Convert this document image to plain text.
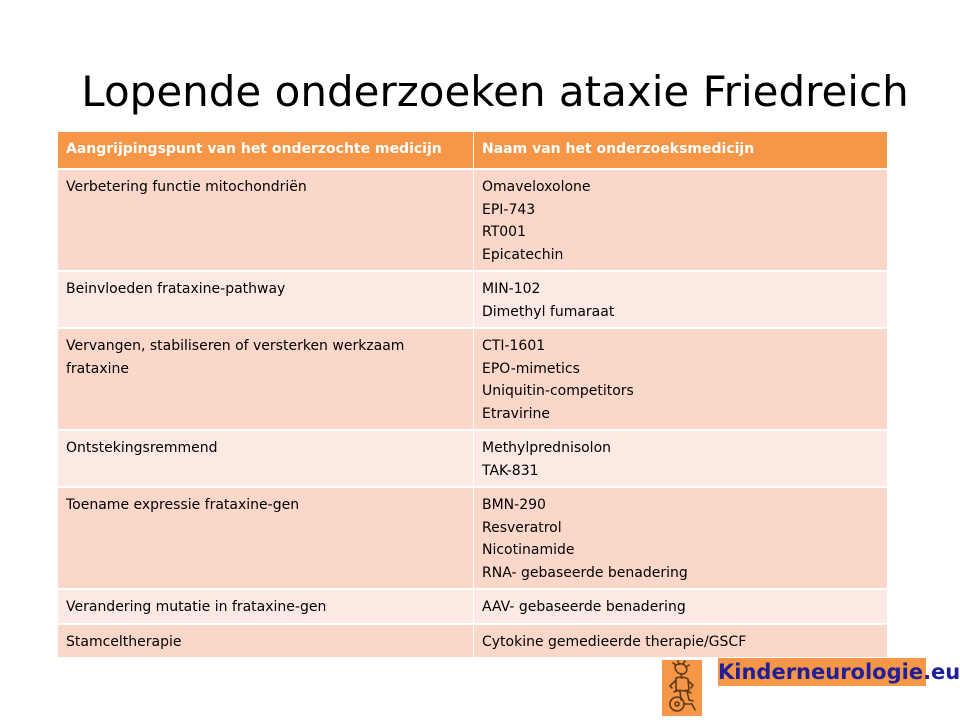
Lopende onderzoeken ataxie Friedreich
Aangrijpingspunt van het onderzochte medicijn	Naam van het onderzoeksmedicijn

Verbetering functie mitochondriën	Omaveloxolone
EPI-743
RT001
Epicatechin

Beinvloeden frataxine-pathway	MIN-102
Dimethyl fumaraat

Vervangen, stabiliseren of versterken werkzaam
frataxine	CTI-1601
EPO-mimetics
Uniquitin-competitors
Etravirine

Ontstekingsremmend	Methylprednisolon
TAK-831

Toename expressie frataxine-gen	BMN-290
Resveratrol
Nicotinamide
RNA- gebaseerde benadering

Verandering mutatie in frataxine-gen	AAV- gebaseerde benadering

Stamceltherapie	Cytokine gemedieerde therapie/GSCF
Kinderneurologie.eu
